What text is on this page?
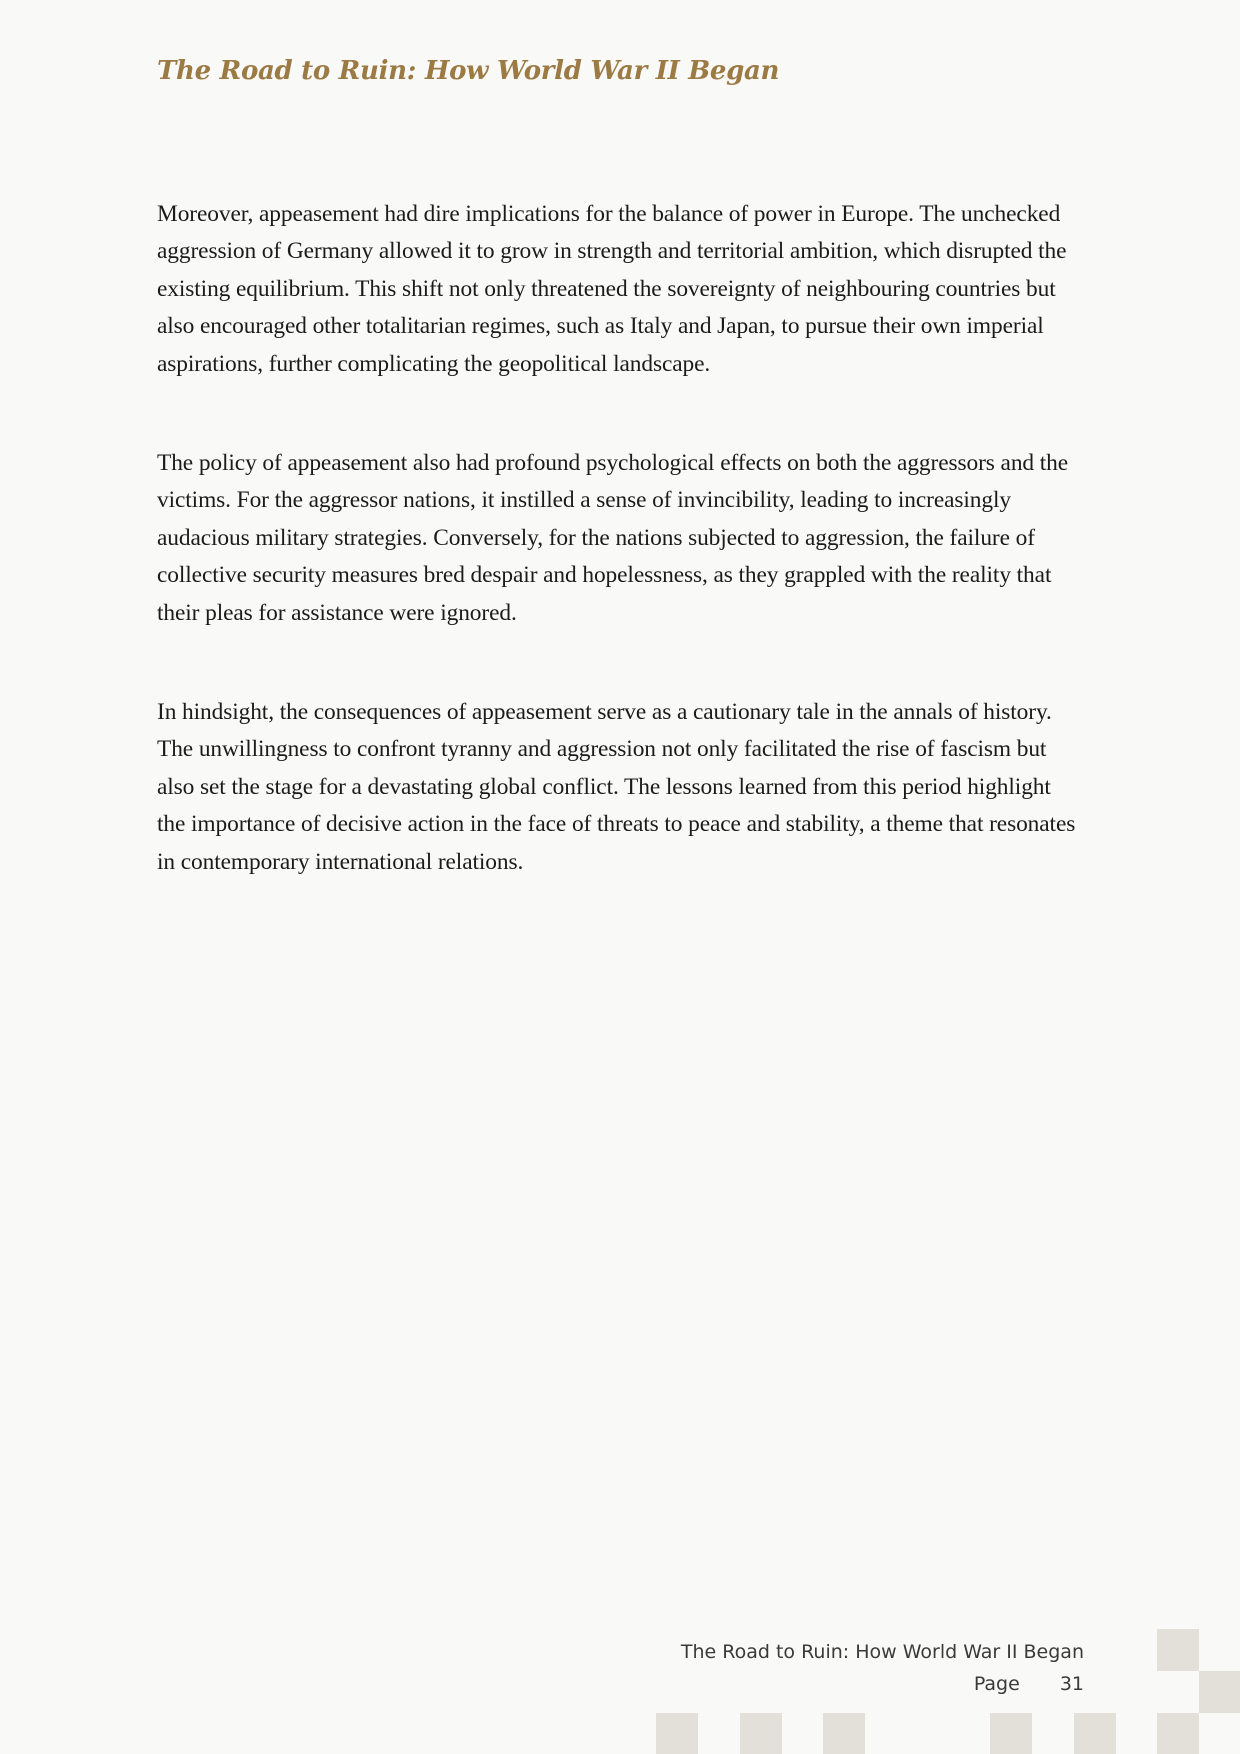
The Road to Ruin: How World War II Began

Moreover, appeasement had dire implications for the balance of power in Europe. The unchecked aggression of Germany allowed it to grow in strength and territorial ambition, which disrupted the existing equilibrium. This shift not only threatened the sovereignty of neighbouring countries but also encouraged other totalitarian regimes, such as Italy and Japan, to pursue their own imperial aspirations, further complicating the geopolitical landscape.

The policy of appeasement also had profound psychological effects on both the aggressors and the victims. For the aggressor nations, it instilled a sense of invincibility, leading to increasingly audacious military strategies. Conversely, for the nations subjected to aggression, the failure of collective security measures bred despair and hopelessness, as they grappled with the reality that their pleas for assistance were ignored.

In hindsight, the consequences of appeasement serve as a cautionary tale in the annals of history. The unwillingness to confront tyranny and aggression not only facilitated the rise of fascism but also set the stage for a devastating global conflict. The lessons learned from this period highlight the importance of decisive action in the face of threats to peace and stability, a theme that resonates in contemporary international relations.

The Road to Ruin: How World War II Began
Page 31
